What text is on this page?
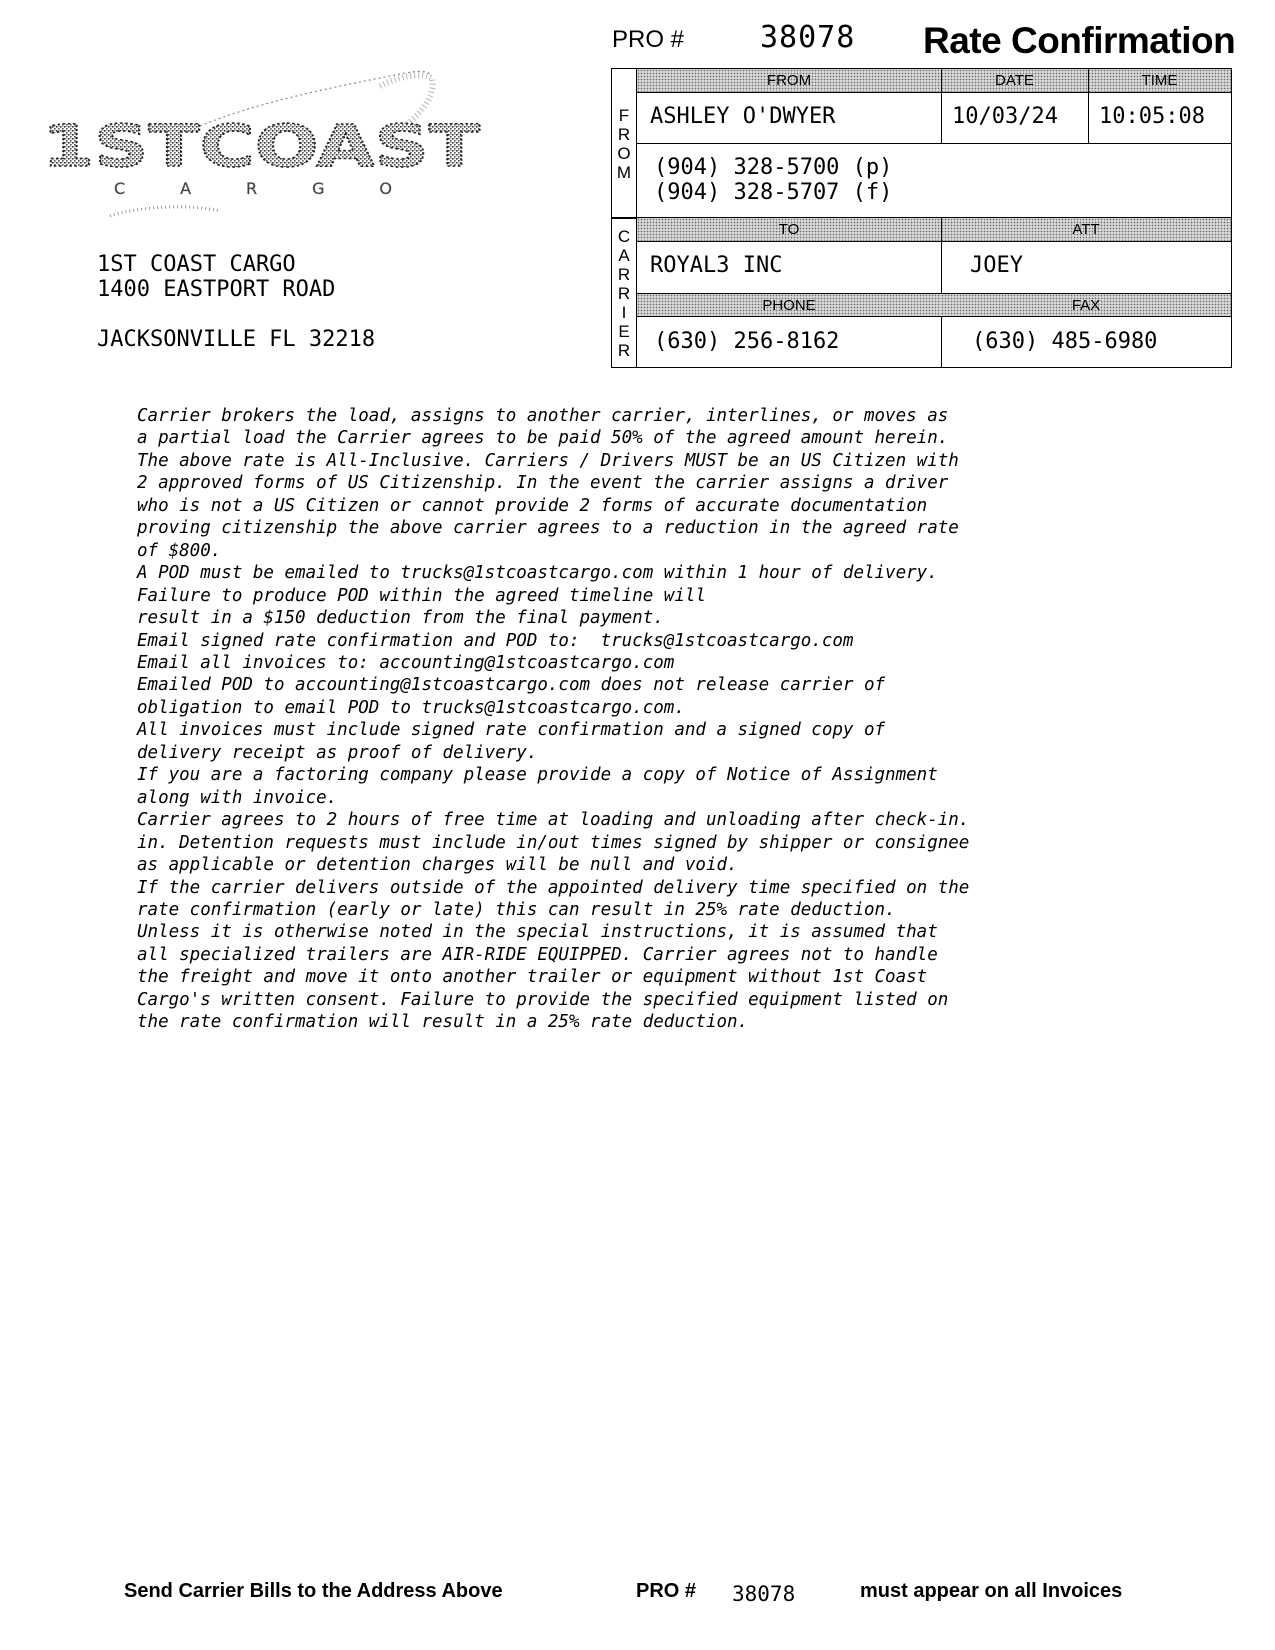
1STCOAST
C A R G O
1ST COAST CARGO
1400 EASTPORT ROAD
JACKSONVILLE FL 32218
PRO #	38078 Rate Confirmation
F
R
O
M
C
A
R
R
I
E
R
FROM	DATE	TIME
ASHLEY O'DWYER	10/03/24 10:05:08
(904) 328-5700 (p)
(904) 328-5707 (f)
TO	ATT
ROYAL3 INC	JOEY
PHONE	FAX
(630) 256-8162	(630) 485-6980
Carrier brokers the load, assigns to another carrier, interlines, or moves as
a partial load the Carrier agrees to be paid 50% of the agreed amount herein.
The above rate is All-Inclusive. Carriers / Drivers MUST be an US Citizen with
2 approved forms of US Citizenship. In the event the carrier assigns a driver
who is not a US Citizen or cannot provide 2 forms of accurate documentation
proving citizenship the above carrier agrees to a reduction in the agreed rate
of $800.
A POD must be emailed to trucks@1stcoastcargo.com within 1 hour of delivery.
Failure to produce POD within the agreed timeline will
result in a $150 deduction from the final payment.
Email signed rate confirmation and POD to:  trucks@1stcoastcargo.com
Email all invoices to: accounting@1stcoastcargo.com
Emailed POD to accounting@1stcoastcargo.com does not release carrier of
obligation to email POD to trucks@1stcoastcargo.com.
All invoices must include signed rate confirmation and a signed copy of
delivery receipt as proof of delivery.
If you are a factoring company please provide a copy of Notice of Assignment
along with invoice.
Carrier agrees to 2 hours of free time at loading and unloading after check-in.
in. Detention requests must include in/out times signed by shipper or consignee
as applicable or detention charges will be null and void.
If the carrier delivers outside of the appointed delivery time specified on the
rate confirmation (early or late) this can result in 25% rate deduction.
Unless it is otherwise noted in the special instructions, it is assumed that
all specialized trailers are AIR-RIDE EQUIPPED. Carrier agrees not to handle
the freight and move it onto another trailer or equipment without 1st Coast
Cargo's written consent. Failure to provide the specified equipment listed on
the rate confirmation will result in a 25% rate deduction.
Send Carrier Bills to the Address Above	PRO # 38078	must appear on all Invoices
